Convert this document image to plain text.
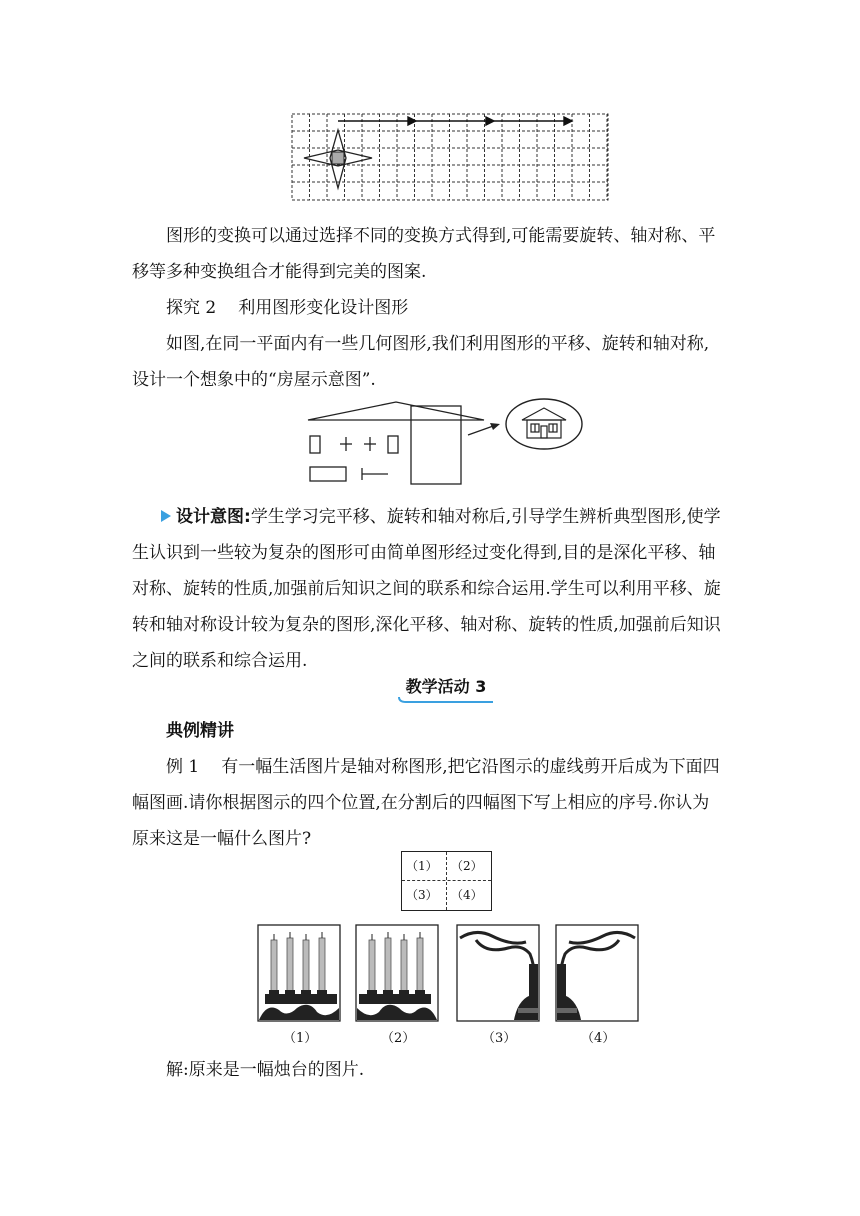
图形的变换可以通过选择不同的变换方式得到,可能需要旋转、轴对称、平
移等多种变换组合才能得到完美的图案.
探究 2 利用图形变化设计图形
如图,在同一平面内有一些几何图形,我们利用图形的平移、旋转和轴对称,
设计一个想象中的“房屋示意图”.
设计意图:学生学习完平移、旋转和轴对称后,引导学生辨析典型图形,使学
生认识到一些较为复杂的图形可由简单图形经过变化得到,目的是深化平移、轴
对称、旋转的性质,加强前后知识之间的联系和综合运用.学生可以利用平移、旋
转和轴对称设计较为复杂的图形,深化平移、轴对称、旋转的性质,加强前后知识
之间的联系和综合运用.
教学活动 3
典例精讲
例 1 有一幅生活图片是轴对称图形,把它沿图示的虚线剪开后成为下面四
幅图画.请你根据图示的四个位置,在分割后的四幅图下写上相应的序号.你认为
原来这是一幅什么图片?
（1） （2）
（3） （4）
（1）	（2）	（3）	（4）
解:原来是一幅烛台的图片.
